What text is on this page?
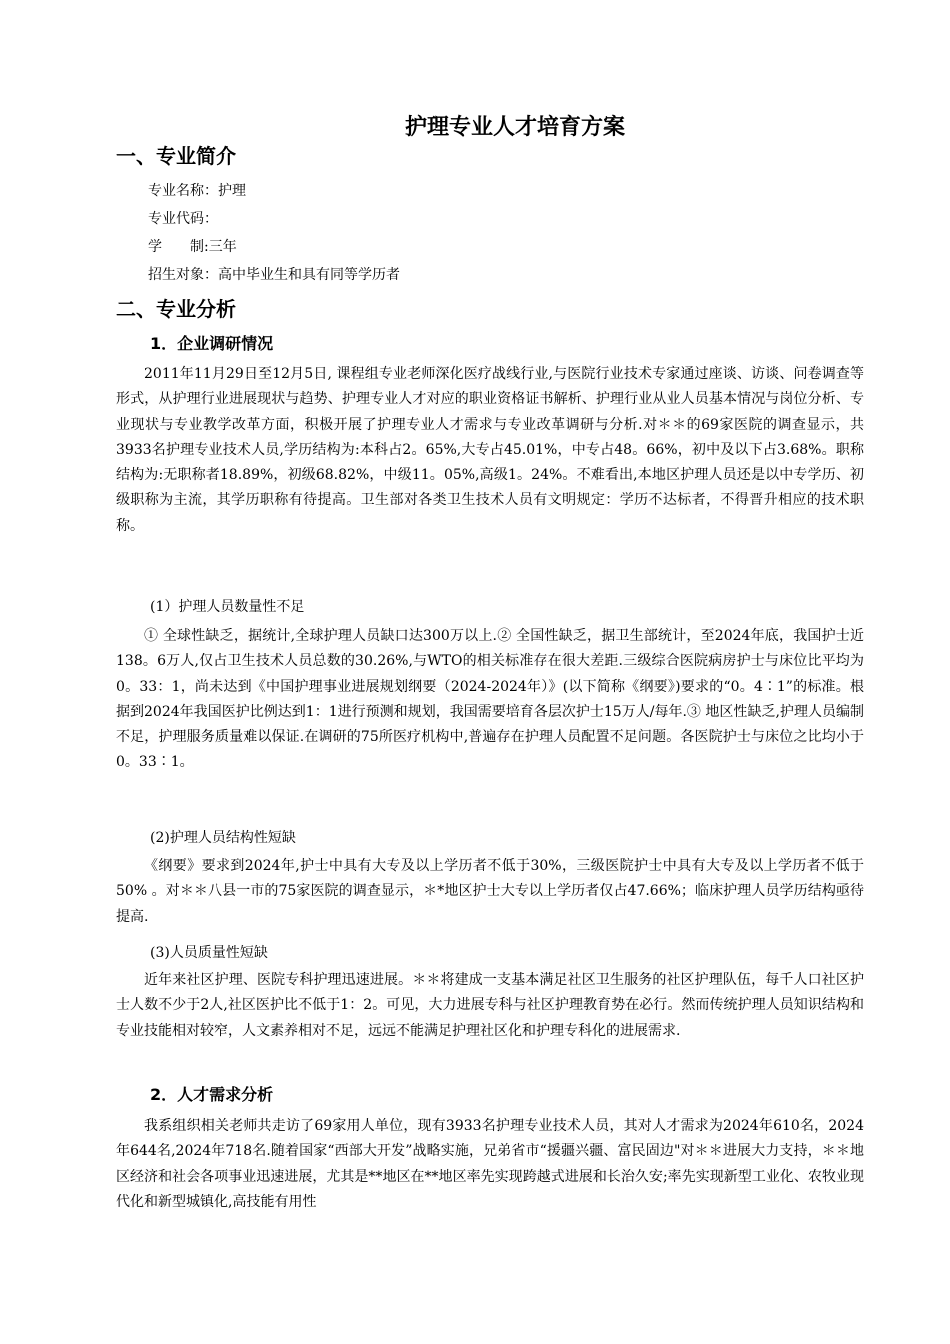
护理专业人才培育方案
一、专业简介
专业名称：护理
专业代码：
学　　制:三年
招生对象：高中毕业生和具有同等学历者
二、专业分析
1．企业调研情况

2011年11月29日至12月5日, 课程组专业老师深化医疗战线行业,与医院行业技术专家通过座谈、访谈、问卷调查等形式，从护理行业进展现状与趋势、护理专业人才对应的职业资格证书解析、护理行业从业人员基本情况与岗位分析、专业现状与专业教学改革方面，积极开展了护理专业人才需求与专业改革调研与分析.对＊＊的69家医院的调查显示，共3933名护理专业技术人员,学历结构为:本科占2。65%,大专占45.01%，中专占48。66%，初中及以下占3.68%。职称结构为:无职称者18.89%，初级68.82%，中级11。05%,高级1。24%。不难看出,本地区护理人员还是以中专学历、初级职称为主流，其学历职称有待提高。卫生部对各类卫生技术人员有文明规定：学历不达标者，不得晋升相应的技术职称。

(1）护理人员数量性不足

① 全球性缺乏，据统计,全球护理人员缺口达300万以上.② 全国性缺乏，据卫生部统计，至2024年底，我国护士近138。6万人,仅占卫生技术人员总数的30.26%,与WTO的相关标准存在很大差距.三级综合医院病房护士与床位比平均为0。33：1，尚未达到《中国护理事业进展规划纲要（2024-2024年）》(以下简称《纲要》)要求的“0。4∶1”的标准。根据到2024年我国医护比例达到1：1进行预测和规划，我国需要培育各层次护士15万人/每年.③ 地区性缺乏,护理人员编制不足，护理服务质量难以保证.在调研的75所医疗机构中,普遍存在护理人员配置不足问题。各医院护士与床位之比均小于0。33∶1。

(2)护理人员结构性短缺

《纲要》要求到2024年,护士中具有大专及以上学历者不低于30%，三级医院护士中具有大专及以上学历者不低于50% 。对＊＊八县一市的75家医院的调查显示，＊*地区护士大专以上学历者仅占47.66%；临床护理人员学历结构亟待提高.

(3)人员质量性短缺

近年来社区护理、医院专科护理迅速进展。＊＊将建成一支基本满足社区卫生服务的社区护理队伍，每千人口社区护士人数不少于2人,社区医护比不低于1：2。可见，大力进展专科与社区护理教育势在必行。然而传统护理人员知识结构和专业技能相对较窄，人文素养相对不足，远远不能满足护理社区化和护理专科化的进展需求.

2．人才需求分析

我系组织相关老师共走访了69家用人单位，现有3933名护理专业技术人员，其对人才需求为2024年610名，2024年644名,2024年718名.随着国家“西部大开发”战略实施，兄弟省市“援疆兴疆、富民固边"对＊＊进展大力支持，＊＊地区经济和社会各项事业迅速进展，尤其是**地区在**地区率先实现跨越式进展和长治久安;率先实现新型工业化、农牧业现代化和新型城镇化,高技能有用性
